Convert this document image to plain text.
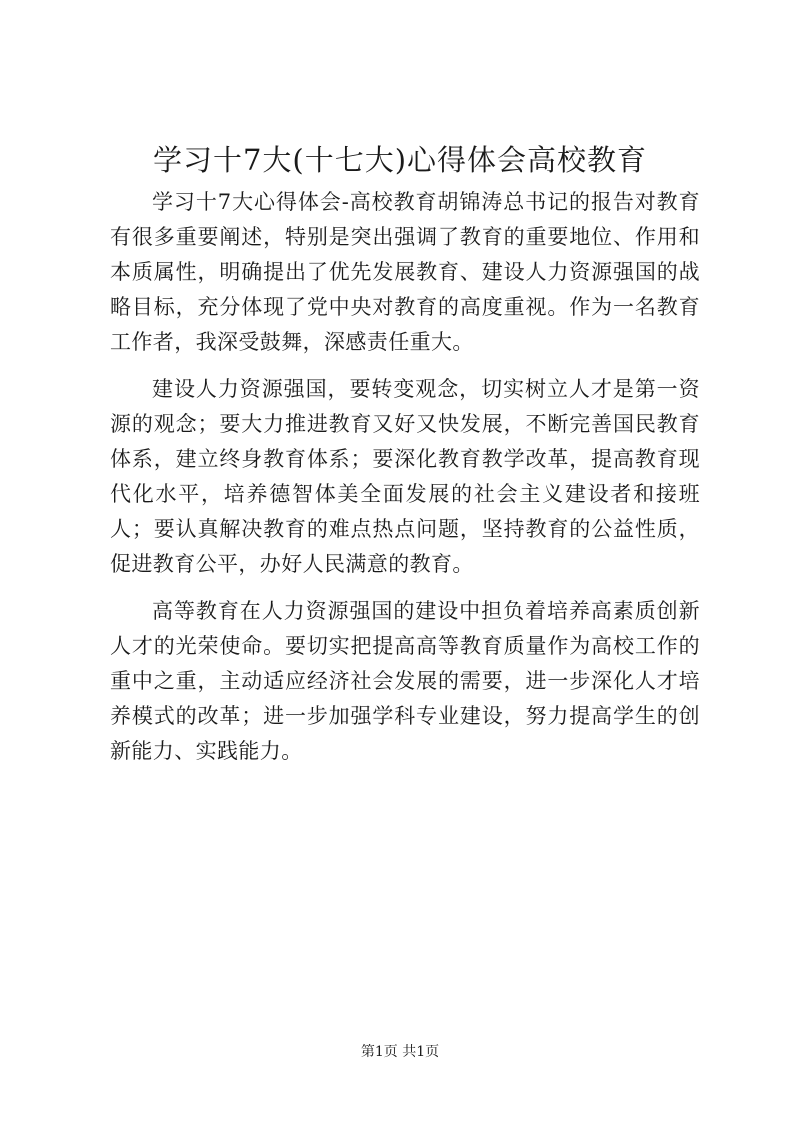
学习十7大(十七大)心得体会高校教育

学习十7大心得体会-高校教育胡锦涛总书记的报告对教育有很多重要阐述，特别是突出强调了教育的重要地位、作用和本质属性，明确提出了优先发展教育、建设人力资源强国的战略目标，充分体现了党中央对教育的高度重视。作为一名教育工作者，我深受鼓舞，深感责任重大。

建设人力资源强国，要转变观念，切实树立人才是第一资源的观念；要大力推进教育又好又快发展，不断完善国民教育体系，建立终身教育体系；要深化教育教学改革，提高教育现代化水平，培养德智体美全面发展的社会主义建设者和接班人；要认真解决教育的难点热点问题，坚持教育的公益性质，促进教育公平，办好人民满意的教育。

高等教育在人力资源强国的建设中担负着培养高素质创新人才的光荣使命。要切实把提高高等教育质量作为高校工作的重中之重，主动适应经济社会发展的需要，进一步深化人才培养模式的改革；进一步加强学科专业建设，努力提高学生的创新能力、实践能力。

第1页 共1页
